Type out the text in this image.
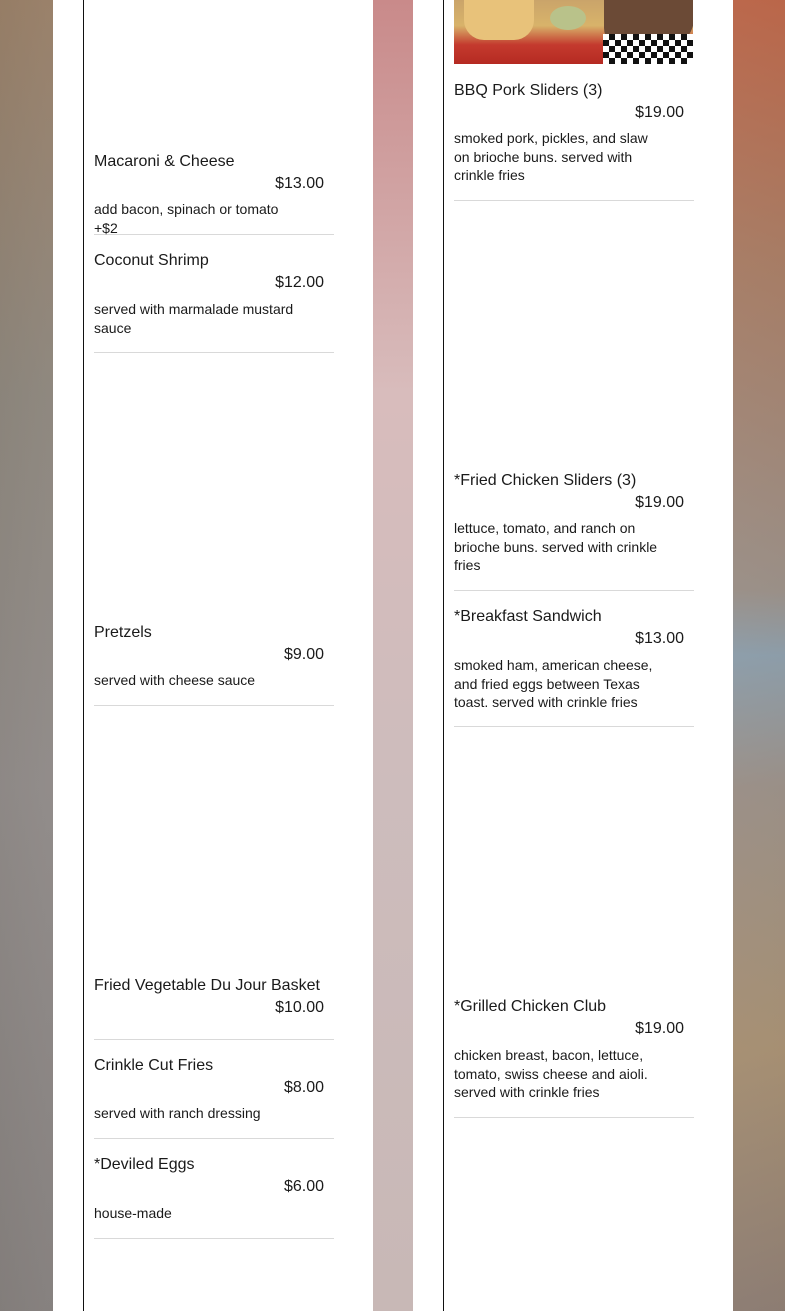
Macaroni & Cheese
$13.00
add bacon, spinach or tomato +$2
Coconut Shrimp
$12.00
served with marmalade mustard sauce
Pretzels
$9.00
served with cheese sauce
Fried Vegetable Du Jour Basket
$10.00
Crinkle Cut Fries
$8.00
served with ranch dressing
*Deviled Eggs
$6.00
house-made
BBQ Pork Sliders (3)
$19.00
smoked pork, pickles, and slaw on brioche buns. served with crinkle fries
*Fried Chicken Sliders (3)
$19.00
lettuce, tomato, and ranch on brioche buns. served with crinkle fries
*Breakfast Sandwich
$13.00
smoked ham, american cheese, and fried eggs between Texas toast. served with crinkle fries
*Grilled Chicken Club
$19.00
chicken breast, bacon, lettuce, tomato, swiss cheese and aioli. served with crinkle fries
